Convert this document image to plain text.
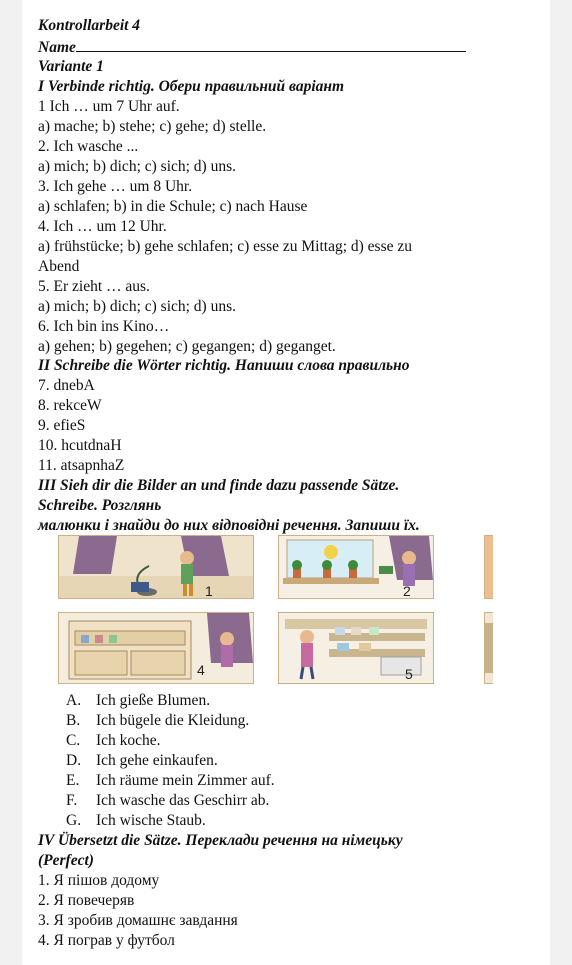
Kontrollarbeit 4
Name
Variante 1
I Verbinde richtig. Обери правильний варіант
1 Ich … um 7 Uhr auf.
a) mache; b) stehe; c) gehe; d) stelle.
2. Ich wasche ...
a) mich; b) dich; c) sich; d) uns.
3. Ich gehe … um 8 Uhr.
a) schlafen; b) in die Schule; c) nach Hause
4. Ich … um 12 Uhr.
a) frühstücke; b) gehe schlafen; c) esse zu Mittag; d) esse zu
Abend
5. Er zieht … aus.
a) mich; b) dich; c) sich; d) uns.
6. Ich bin ins Kino…
a) gehen; b) gegehen; c) gegangen; d) geganget.
II Schreibe die Wörter richtig. Напиши слова правильно
7. dnebA
8. rekceW
9. efieS
10. hcutdnaH
11. atsapnhaZ
III Sieh dir die Bilder an und finde dazu passende Sätze.
Schreibe. Розглянь
малюнки і знайди до них відповідні речення. Запиши їх.
1	2
4	5
A. Ich gieße Blumen.
B. Ich bügele die Kleidung.
C. Ich koche.
D. Ich gehe einkaufen.
E. Ich räume mein Zimmer auf.
F. Ich wasche das Geschirr ab.
G. Ich wische Staub.
IV Übersetzt die Sätze. Переклади речення на німецьку
(Perfect)
1. Я пішов додому
2. Я повечеряв
3. Я зробив домашнє завдання
4. Я пограв у футбол
